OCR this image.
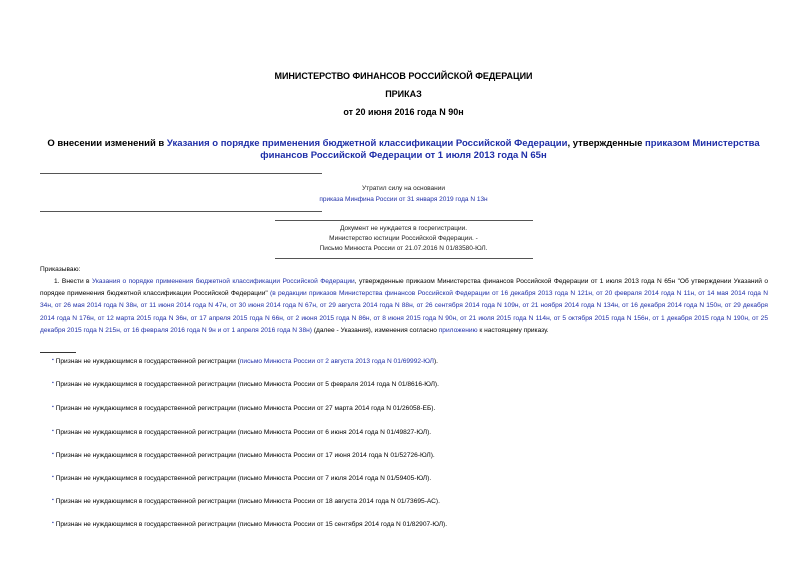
МИНИСТЕРСТВО ФИНАНСОВ РОССИЙСКОЙ ФЕДЕРАЦИИ
ПРИКАЗ
от 20 июня 2016 года N 90н
О внесении изменений в Указания о порядке применения бюджетной классификации Российской Федерации, утвержденные приказом Министерства финансов Российской Федерации от 1 июля 2013 года N 65н
Утратил силу на основании
приказа Минфина России от 31 января 2019 года N 13н
Документ не нуждается в госрегистрации.
Министерство юстиции Российской Федерации. -
Письмо Минюста России от 21.07.2016 N 01/83580-ЮЛ.
Приказываю:
1. Внести в Указания о порядке применения бюджетной классификации Российской Федерации, утвержденные приказом Министерства финансов Российской Федерации от 1 июля 2013 года N 65н "Об утверждении Указаний о порядке применения бюджетной классификации Российской Федерации" (в редакции приказов Министерства финансов Российской Федерации от 16 декабря 2013 года N 121н, от 20 февраля 2014 года N 11н, от 14 мая 2014 года N 34н, от 26 мая 2014 года N 38н, от 11 июня 2014 года N 47н, от 30 июня 2014 года N 67н, от 29 августа 2014 года N 88н, от 26 сентября 2014 года N 109н, от 21 ноября 2014 года N 134н, от 16 декабря 2014 года N 150н, от 29 декабря 2014 года N 176н, от 12 марта 2015 года N 36н, от 17 апреля 2015 года N 66н, от 2 июня 2015 года N 86н, от 8 июня 2015 года N 90н, от 21 июля 2015 года N 114н, от 5 октября 2015 года N 156н, от 1 декабря 2015 года N 190н, от 25 декабря 2015 года N 215н, от 16 февраля 2016 года N 9н и от 1 апреля 2016 года N 38н) (далее - Указания), изменения согласно приложению к настоящему приказу.
▪ Признан не нуждающимся в государственной регистрации (письмо Минюста России от 2 августа 2013 года N 01/69992-ЮЛ).
▪ Признан не нуждающимся в государственной регистрации (письмо Минюста России от 5 февраля 2014 года N 01/8616-ЮЛ).
▪ Признан не нуждающимся в государственной регистрации (письмо Минюста России от 27 марта 2014 года N 01/26058-ЕБ).
▪ Признан не нуждающимся в государственной регистрации (письмо Минюста России от 6 июня 2014 года N 01/49827-ЮЛ).
▪ Признан не нуждающимся в государственной регистрации (письмо Минюста России от 17 июня 2014 года N 01/52726-ЮЛ).
▪ Признан не нуждающимся в государственной регистрации (письмо Минюста России от 7 июля 2014 года N 01/59405-ЮЛ).
▪ Признан не нуждающимся в государственной регистрации (письмо Минюста России от 18 августа 2014 года N 01/73695-АС).
▪ Признан не нуждающимся в государственной регистрации (письмо Минюста России от 15 сентября 2014 года N 01/82907-ЮЛ).
